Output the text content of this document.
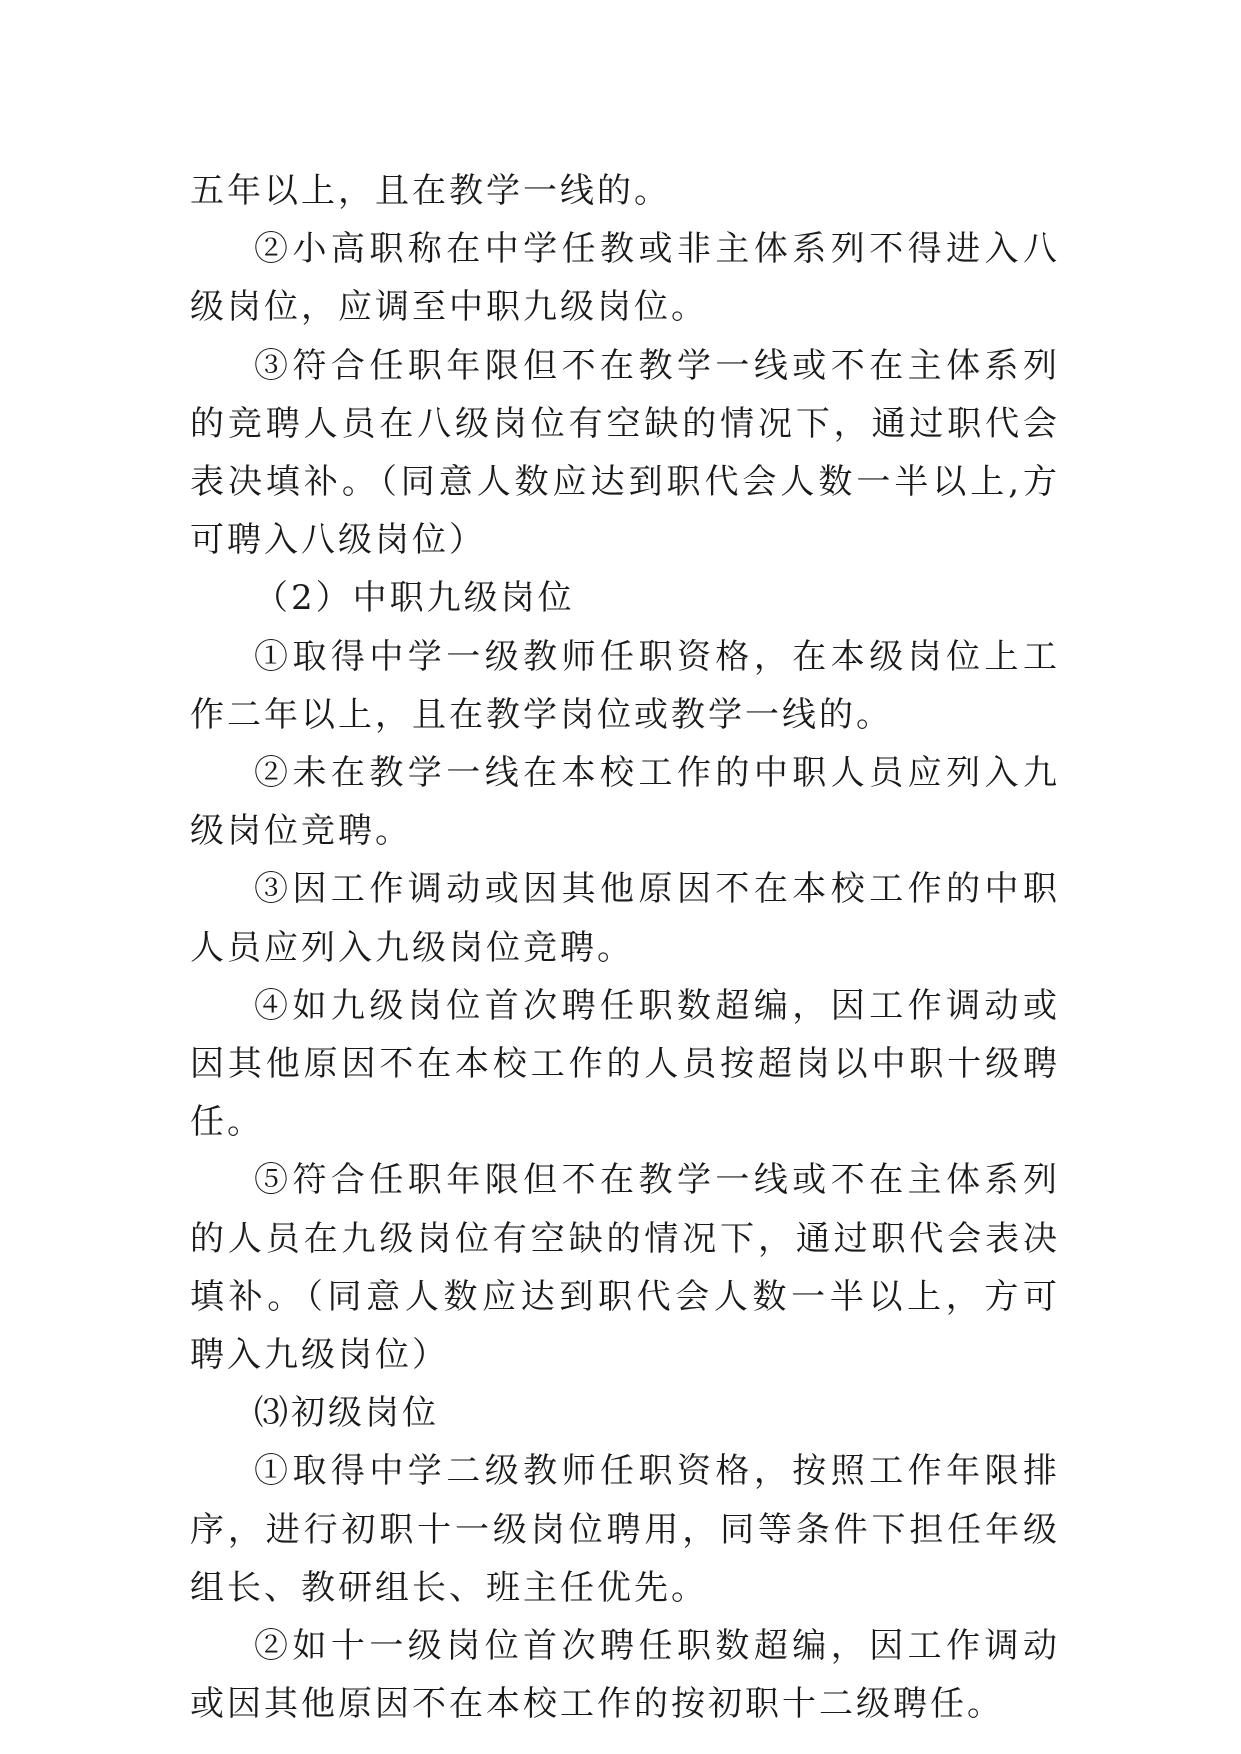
五年以上，且在教学一线的。

②小高职称在中学任教或非主体系列不得进入八级岗位，应调至中职九级岗位。

③符合任职年限但不在教学一线或不在主体系列的竞聘人员在八级岗位有空缺的情况下，通过职代会表决填补。（同意人数应达到职代会人数一半以上,方可聘入八级岗位）

（2）中职九级岗位

①取得中学一级教师任职资格，在本级岗位上工作二年以上，且在教学岗位或教学一线的。

②未在教学一线在本校工作的中职人员应列入九级岗位竞聘。

③因工作调动或因其他原因不在本校工作的中职人员应列入九级岗位竞聘。

④如九级岗位首次聘任职数超编，因工作调动或因其他原因不在本校工作的人员按超岗以中职十级聘任。

⑤符合任职年限但不在教学一线或不在主体系列的人员在九级岗位有空缺的情况下，通过职代会表决填补。（同意人数应达到职代会人数一半以上，方可聘入九级岗位）

⑶初级岗位

①取得中学二级教师任职资格，按照工作年限排序，进行初职十一级岗位聘用，同等条件下担任年级组长、教研组长、班主任优先。

②如十一级岗位首次聘任职数超编，因工作调动或因其他原因不在本校工作的按初职十二级聘任。
